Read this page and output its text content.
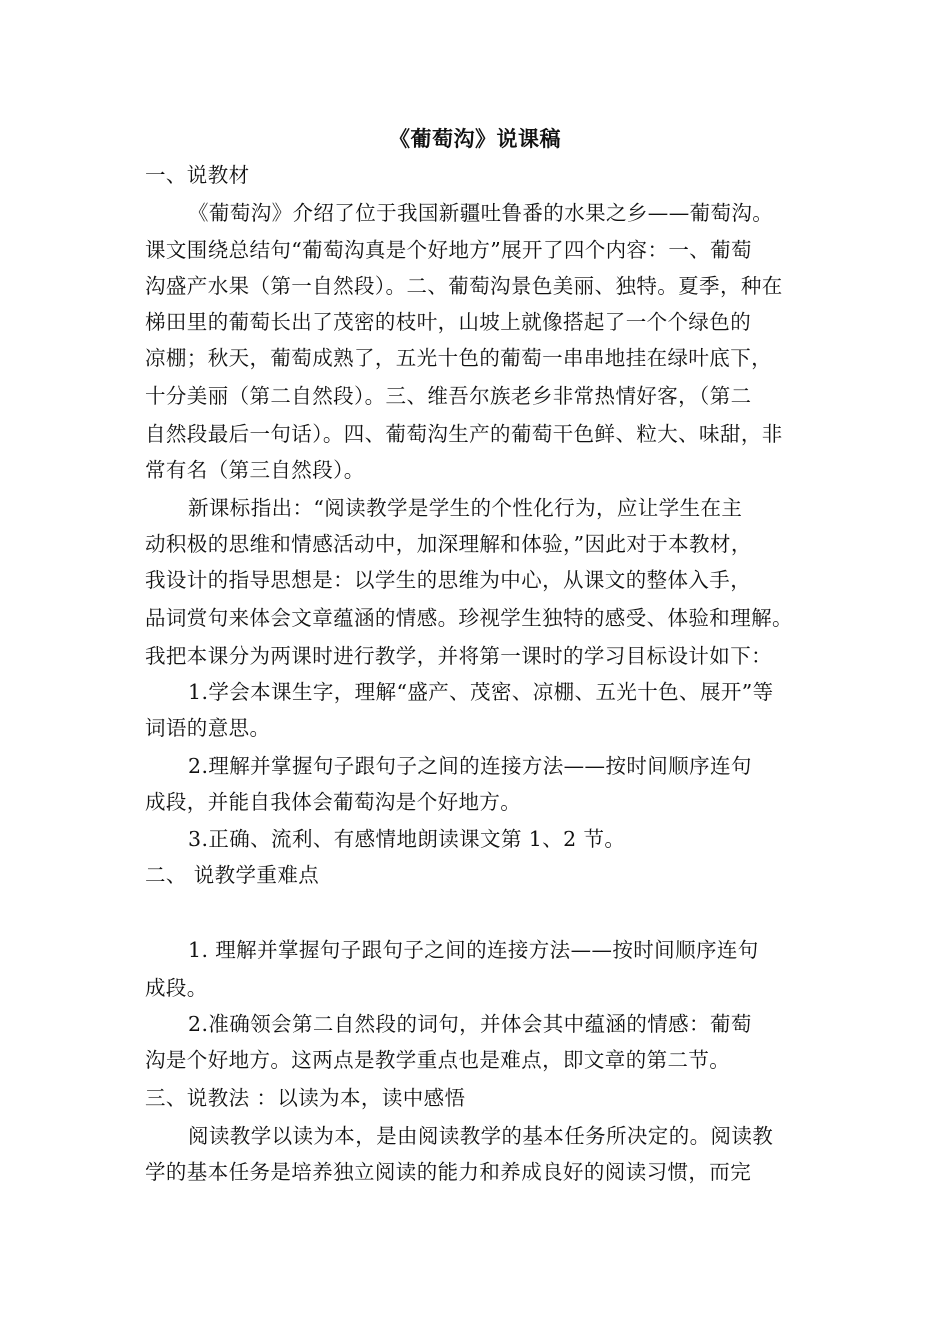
《葡萄沟》说课稿
一、说教材
《葡萄沟》介绍了位于我国新疆吐鲁番的水果之乡——葡萄沟。
课文围绕总结句“葡萄沟真是个好地方”展开了四个内容：一、葡萄
沟盛产水果（第一自然段）。二、葡萄沟景色美丽、独特。夏季，种在
梯田里的葡萄长出了茂密的枝叶，山坡上就像搭起了一个个绿色的
凉棚；秋天，葡萄成熟了，五光十色的葡萄一串串地挂在绿叶底下，
十分美丽（第二自然段）。三、维吾尔族老乡非常热情好客，（第二
自然段最后一句话）。四、葡萄沟生产的葡萄干色鲜、粒大、味甜，非
常有名（第三自然段）。
新课标指出：“阅读教学是学生的个性化行为，应让学生在主
动积极的思维和情感活动中，加深理解和体验，”因此对于本教材，
我设计的指导思想是：以学生的思维为中心，从课文的整体入手，
品词赏句来体会文章蕴涵的情感。珍视学生独特的感受、体验和理解。
我把本课分为两课时进行教学，并将第一课时的学习目标设计如下：
1.学会本课生字，理解“盛产、茂密、凉棚、五光十色、展开”等
词语的意思。
2.理解并掌握句子跟句子之间的连接方法——按时间顺序连句
成段，并能自我体会葡萄沟是个好地方。
3.正确、流利、有感情地朗读课文第 1、2 节。
二、 说教学重难点
1. 理解并掌握句子跟句子之间的连接方法——按时间顺序连句
成段。
2.准确领会第二自然段的词句，并体会其中蕴涵的情感：葡萄
沟是个好地方。这两点是教学重点也是难点，即文章的第二节。
三、说教法 ：以读为本，读中感悟
阅读教学以读为本，是由阅读教学的基本任务所决定的。阅读教
学的基本任务是培养独立阅读的能力和养成良好的阅读习惯，而完
